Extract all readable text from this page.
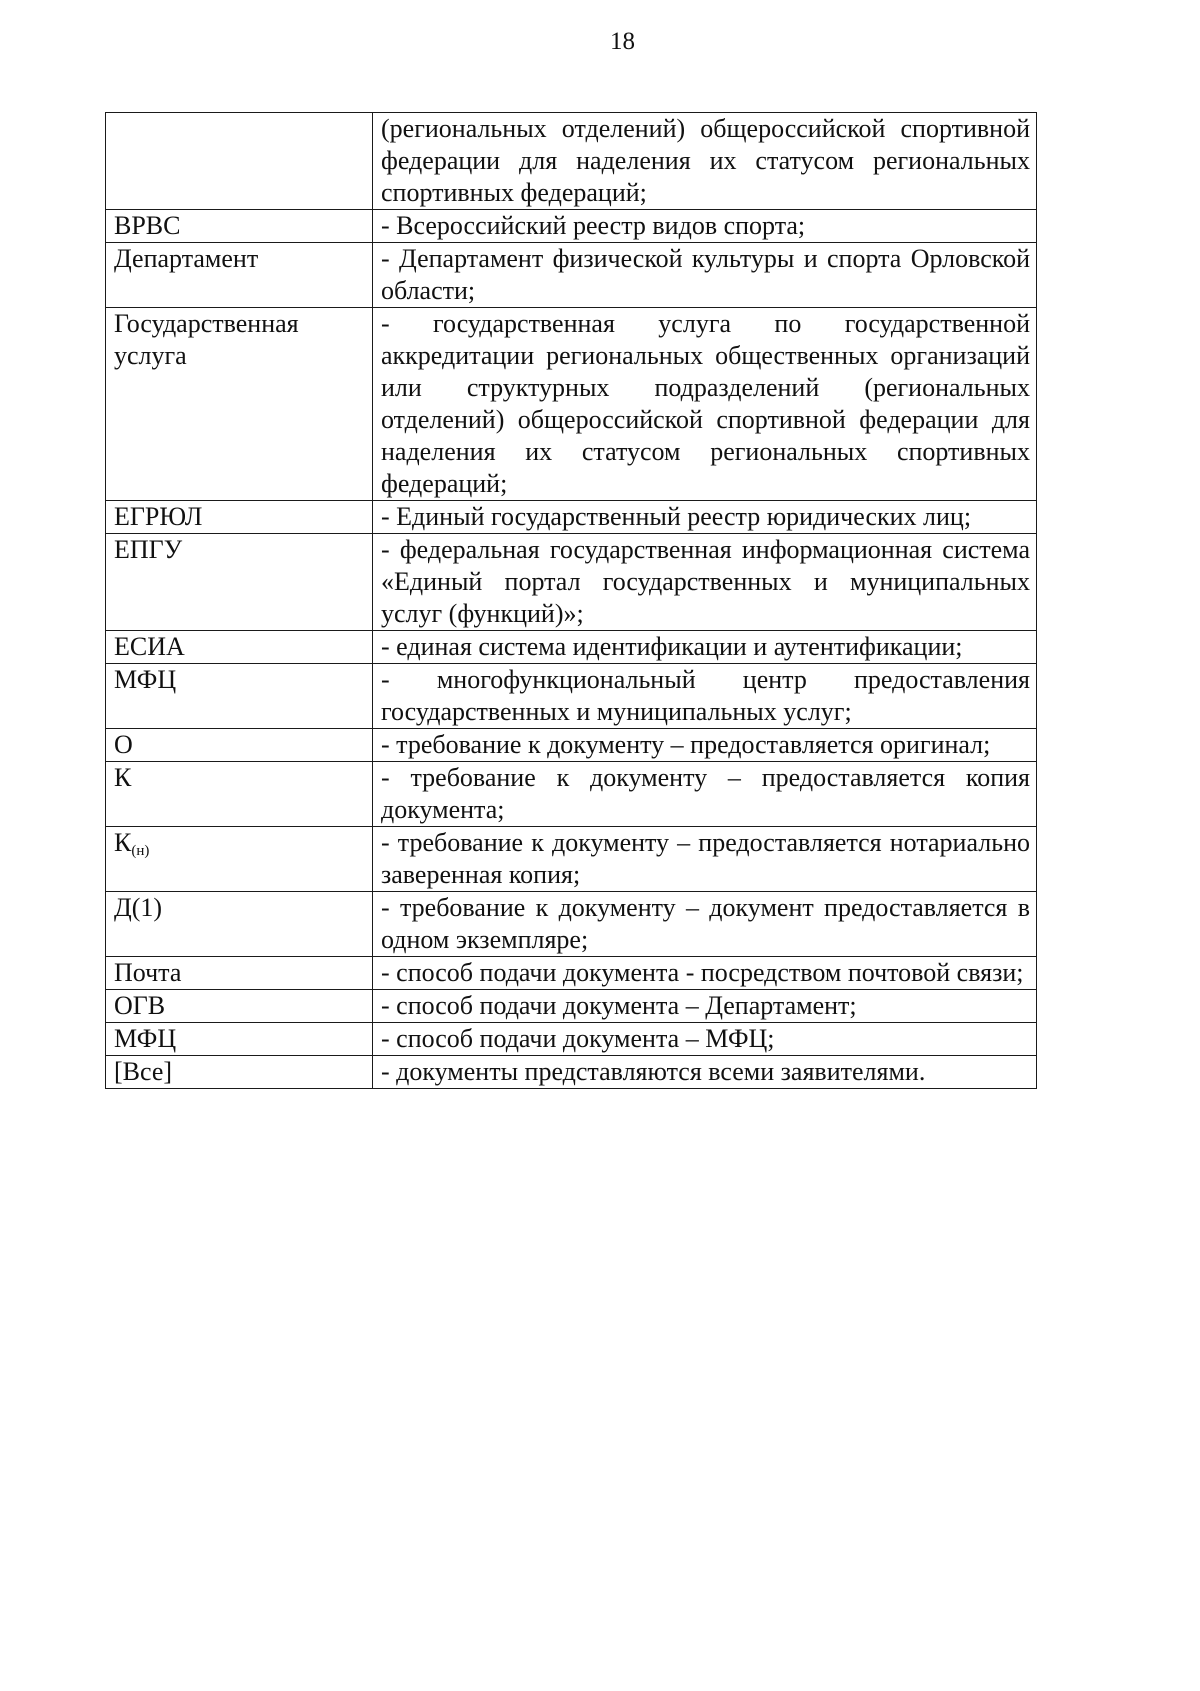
18
	(региональных отделений) общероссийской спортивной федерации для наделения их статусом региональных спортивных федераций;
ВРВС	- Всероссийский реестр видов спорта;
Департамент	- Департамент физической культуры и спорта Орловской области;
Государственная услуга	- государственная услуга по государственной аккредитации региональных общественных организаций или структурных подразделений (региональных отделений) общероссийской спортивной федерации для наделения их статусом региональных спортивных федераций;
ЕГРЮЛ	- Единый государственный реестр юридических лиц;
ЕПГУ	- федеральная государственная информационная система «Единый портал государственных и муниципальных услуг (функций)»;
ЕСИА	- единая система идентификации и аутентификации;
МФЦ	- многофункциональный центр предоставления государственных и муниципальных услуг;
О	- требование к документу – предоставляется оригинал;
К	- требование к документу – предоставляется копия документа;
$К_{(н)}$	- требование к документу – предоставляется нотариально заверенная копия;
Д(1)	- требование к документу – документ предоставляется в одном экземпляре;
Почта	- способ подачи документа - посредством почтовой связи;
ОГВ	- способ подачи документа – Департамент;
МФЦ	- способ подачи документа – МФЦ;
[Все]	- документы представляются всеми заявителями.
